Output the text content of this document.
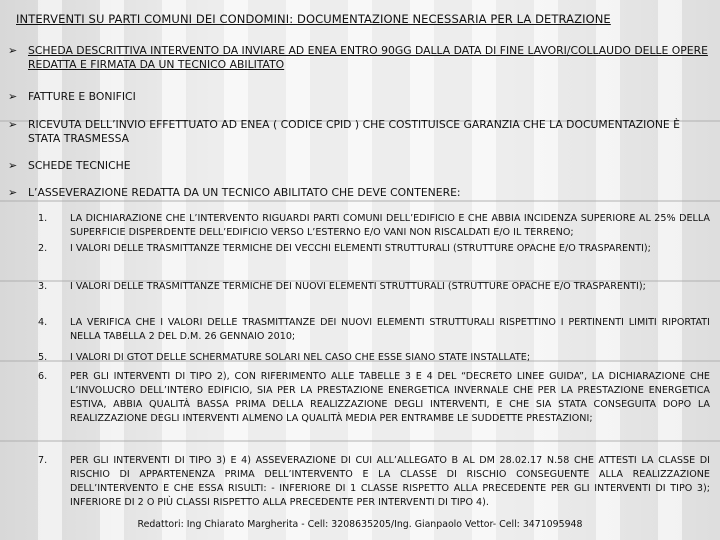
INTERVENTI SU PARTI COMUNI DEI CONDOMINI: DOCUMENTAZIONE NECESSARIA PER LA DETRAZIONE
➢ SCHEDA DESCRITTIVA INTERVENTO DA INVIARE AD ENEA ENTRO 90GG DALLA DATA DI FINE LAVORI/COLLAUDO DELLE OPERE REDATTA E FIRMATA DA UN TECNICO ABILITATO
➢ FATTURE E BONIFICI
➢ RICEVUTA DELL’INVIO EFFETTUATO AD ENEA ( CODICE CPID ) CHE COSTITUISCE GARANZIA CHE LA DOCUMENTAZIONE È STATA TRASMESSA
➢ SCHEDE TECNICHE
➢ L’ASSEVERAZIONE REDATTA DA UN TECNICO ABILITATO CHE DEVE CONTENERE:
1.	LA DICHIARAZIONE CHE L’INTERVENTO RIGUARDI PARTI COMUNI DELL’EDIFICIO E CHE ABBIA INCIDENZA SUPERIORE AL 25% DELLA SUPERFICIE DISPERDENTE DELL’EDIFICIO VERSO L’ESTERNO E/O VANI NON RISCALDATI E/O IL TERRENO;
2.	I VALORI DELLE TRASMITTANZE TERMICHE DEI VECCHI ELEMENTI STRUTTURALI (STRUTTURE OPACHE E/O TRASPARENTI);
3.	I VALORI DELLE TRASMITTANZE TERMICHE DEI NUOVI ELEMENTI STRUTTURALI (STRUTTURE OPACHE E/O TRASPARENTI);
4.	LA VERIFICA CHE I VALORI DELLE TRASMITTANZE DEI NUOVI ELEMENTI STRUTTURALI RISPETTINO I PERTINENTI LIMITI RIPORTATI NELLA TABELLA 2 DEL D.M. 26 GENNAIO 2010;
5.	I VALORI DI GTOT DELLE SCHERMATURE SOLARI NEL CASO CHE ESSE SIANO STATE INSTALLATE;
6.	PER GLI INTERVENTI DI TIPO 2), CON RIFERIMENTO ALLE TABELLE 3 E 4 DEL “DECRETO LINEE GUIDA”, LA DICHIARAZIONE CHE L’INVOLUCRO DELL’INTERO EDIFICIO, SIA PER LA PRESTAZIONE ENERGETICA INVERNALE CHE PER LA PRESTAZIONE ENERGETICA ESTIVA, ABBIA QUALITÀ BASSA PRIMA DELLA REALIZZAZIONE DEGLI INTERVENTI, E CHE SIA STATA CONSEGUITA DOPO LA REALIZZAZIONE DEGLI INTERVENTI ALMENO LA QUALITÀ MEDIA PER ENTRAMBE LE SUDDETTE PRESTAZIONI;
7.	PER GLI INTERVENTI DI TIPO 3) E 4) ASSEVERAZIONE DI CUI ALL’ALLEGATO B AL DM 28.02.17 N.58 CHE ATTESTI LA CLASSE DI RISCHIO DI APPARTENENZA PRIMA DELL’INTERVENTO E LA CLASSE DI RISCHIO CONSEGUENTE ALLA REALIZZAZIONE DELL’INTERVENTO E CHE ESSA RISULTI: - INFERIORE DI 1 CLASSE RISPETTO ALLA PRECEDENTE PER GLI INTERVENTI DI TIPO 3); INFERIORE DI 2 O PIÙ CLASSI RISPETTO ALLA PRECEDENTE PER INTERVENTI DI TIPO 4).
Redattori: Ing Chiarato Margherita - Cell: 3208635205/Ing. Gianpaolo Vettor- Cell: 3471095948
